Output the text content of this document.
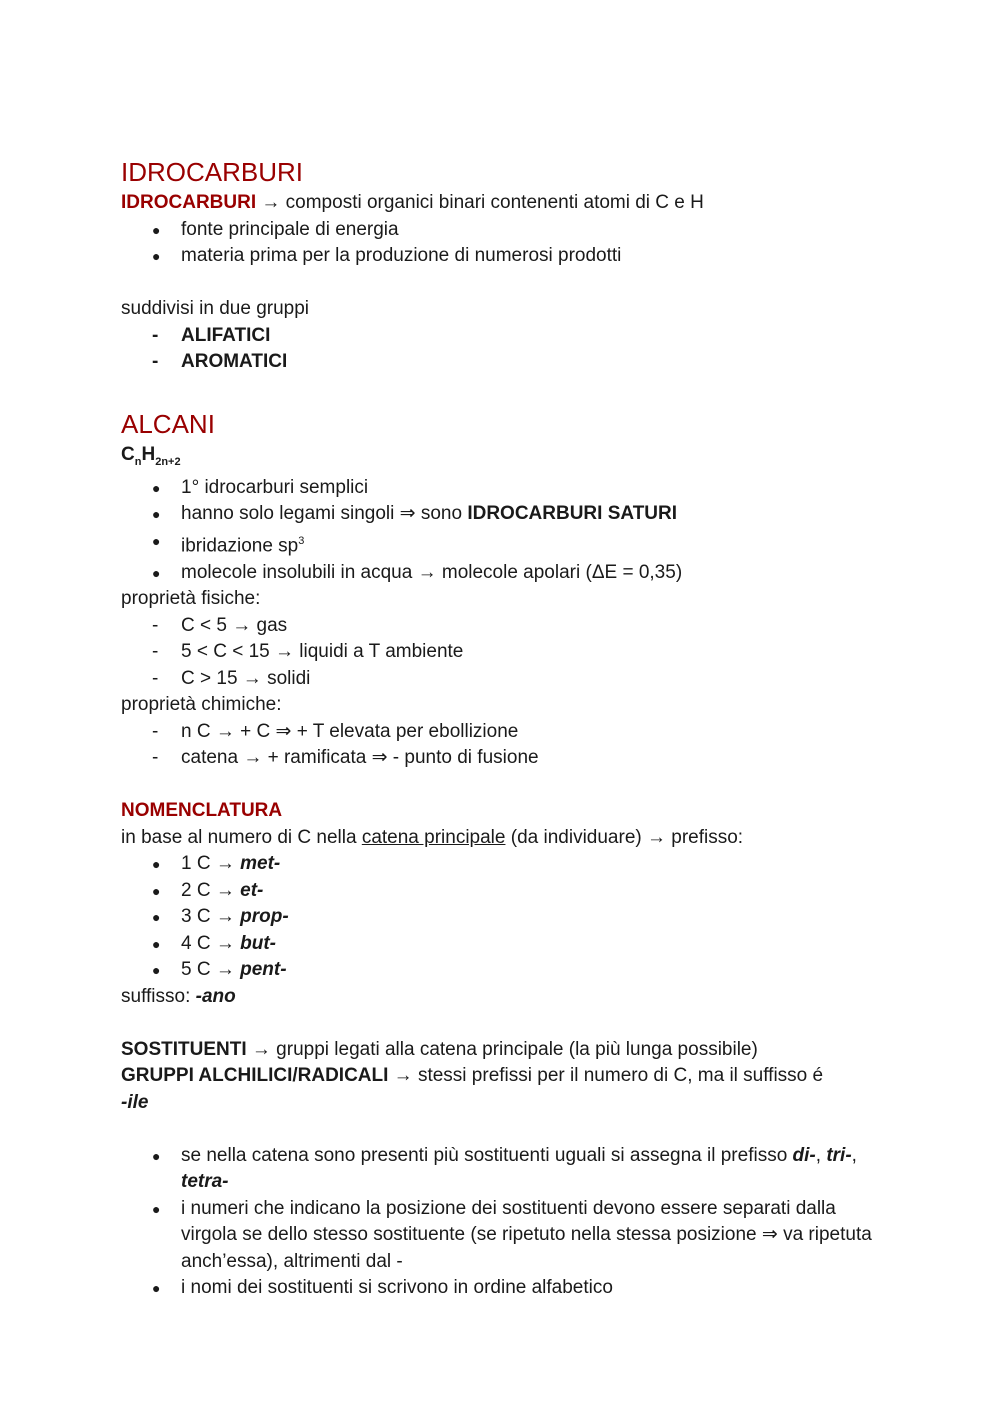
IDROCARBURI

IDROCARBURI → composti organici binari contenenti atomi di C e H

● fonte principale di energia
● materia prima per la produzione di numerosi prodotti

suddivisi in due gruppi

- ALIFATICI
- AROMATICI
ALCANI
$C_nH_{2n+2}$
● 1° idrocarburi semplici
● hanno solo legami singoli ⇒ sono IDROCARBURI SATURI
● ibridazione $sp^3$
● molecole insolubili in acqua → molecole apolari (ΔE = 0,35)

proprietà fisiche:

- C < 5 → gas
- 5 < C < 15 → liquidi a T ambiente
- C > 15 → solidi

proprietà chimiche:

- n C → + C ⇒ + T elevata per ebollizione
- catena → + ramificata ⇒ - punto di fusione

NOMENCLATURA

in base al numero di C nella catena principale (da individuare) → prefisso:

● 1 C → met-
● 2 C → et-
● 3 C → prop-
● 4 C → but-
● 5 C → pent-

suffisso: -ano

SOSTITUENTI → gruppi legati alla catena principale (la più lunga possibile)

GRUPPI ALCHILICI/RADICALI → stessi prefissi per il numero di C, ma il suffisso é
-ile

● se nella catena sono presenti più sostituenti uguali si assegna il prefisso di-, tri-, tetra-
● i numeri che indicano la posizione dei sostituenti devono essere separati dalla virgola se dello stesso sostituente (se ripetuto nella stessa posizione ⇒ va ripetuta anch’essa), altrimenti dal -
● i nomi dei sostituenti si scrivono in ordine alfabetico
